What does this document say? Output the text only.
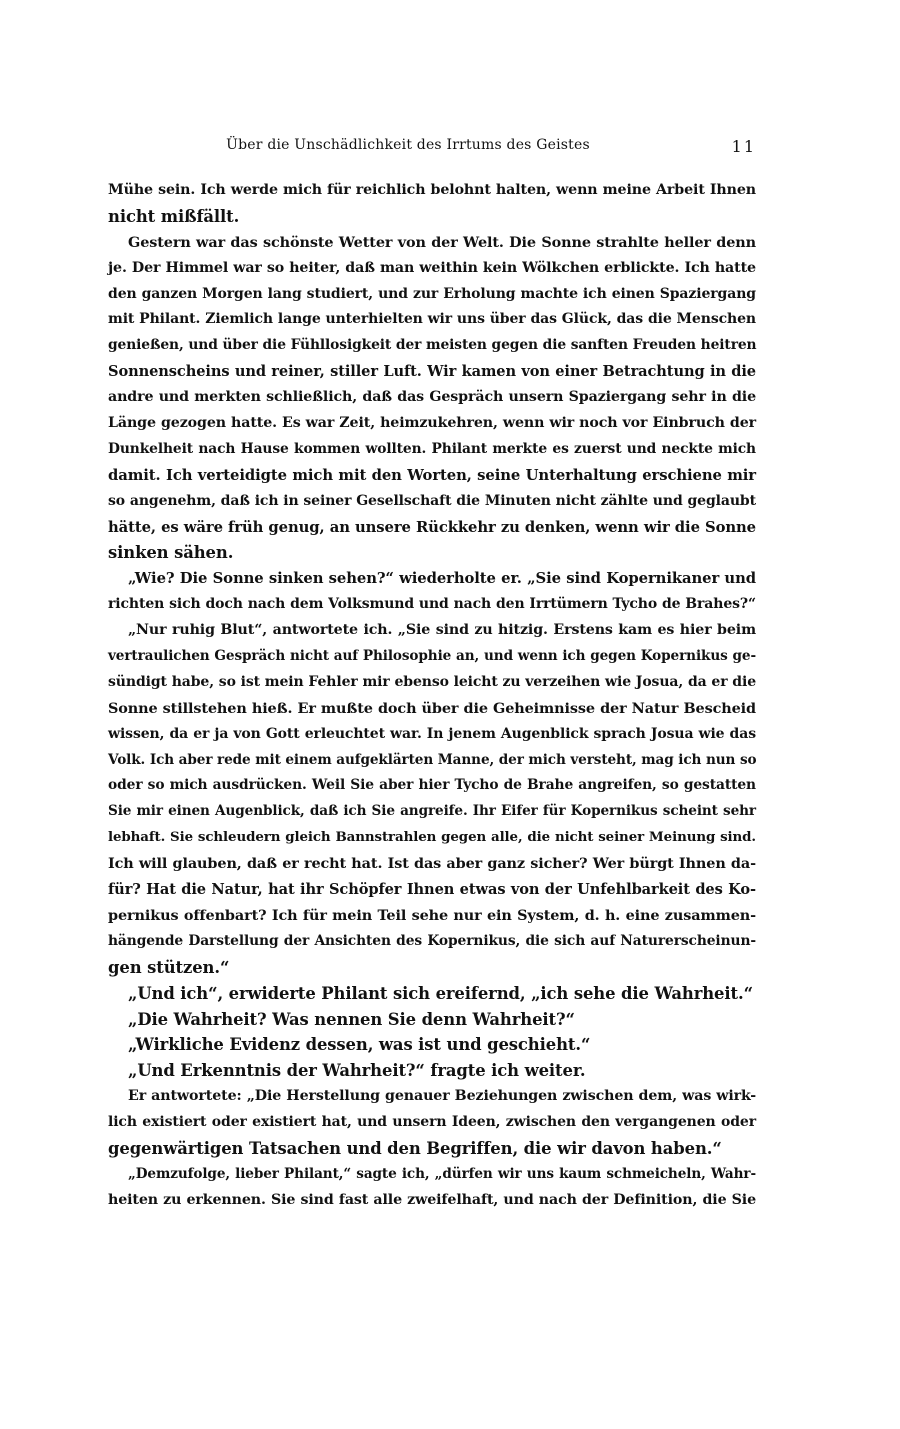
Über die Unschädlichkeit des Irrtums des Geistes	11
Mühe sein. Ich werde mich für reichlich belohnt halten, wenn meine Arbeit Ihnen
nicht mißfällt.
Gestern war das schönste Wetter von der Welt. Die Sonne strahlte heller denn
je. Der Himmel war so heiter, daß man weithin kein Wölkchen erblickte. Ich hatte
den ganzen Morgen lang studiert, und zur Erholung machte ich einen Spaziergang
mit Philant. Ziemlich lange unterhielten wir uns über das Glück, das die Menschen
genießen, und über die Fühllosigkeit der meisten gegen die sanften Freuden heitren
Sonnenscheins und reiner, stiller Luft. Wir kamen von einer Betrachtung in die
andre und merkten schließlich, daß das Gespräch unsern Spaziergang sehr in die
Länge gezogen hatte. Es war Zeit, heimzukehren, wenn wir noch vor Einbruch der
Dunkelheit nach Hause kommen wollten. Philant merkte es zuerst und neckte mich
damit. Ich verteidigte mich mit den Worten, seine Unterhaltung erschiene mir
so angenehm, daß ich in seiner Gesellschaft die Minuten nicht zählte und geglaubt
hätte, es wäre früh genug, an unsere Rückkehr zu denken, wenn wir die Sonne
sinken sähen.
„Wie? Die Sonne sinken sehen?“ wiederholte er. „Sie sind Kopernikaner und
richten sich doch nach dem Volksmund und nach den Irrtümern Tycho de Brahes?“
„Nur ruhig Blut“, antwortete ich. „Sie sind zu hitzig. Erstens kam es hier beim
vertraulichen Gespräch nicht auf Philosophie an, und wenn ich gegen Kopernikus ge-
sündigt habe, so ist mein Fehler mir ebenso leicht zu verzeihen wie Josua, da er die
Sonne stillstehen hieß. Er mußte doch über die Geheimnisse der Natur Bescheid
wissen, da er ja von Gott erleuchtet war. In jenem Augenblick sprach Josua wie das
Volk. Ich aber rede mit einem aufgeklärten Manne, der mich versteht, mag ich nun so
oder so mich ausdrücken. Weil Sie aber hier Tycho de Brahe angreifen, so gestatten
Sie mir einen Augenblick, daß ich Sie angreife. Ihr Eifer für Kopernikus scheint sehr
lebhaft. Sie schleudern gleich Bannstrahlen gegen alle, die nicht seiner Meinung sind.
Ich will glauben, daß er recht hat. Ist das aber ganz sicher? Wer bürgt Ihnen da-
für? Hat die Natur, hat ihr Schöpfer Ihnen etwas von der Unfehlbarkeit des Ko-
pernikus offenbart? Ich für mein Teil sehe nur ein System, d. h. eine zusammen-
hängende Darstellung der Ansichten des Kopernikus, die sich auf Naturerscheinun-
gen stützen.“
„Und ich“, erwiderte Philant sich ereifernd, „ich sehe die Wahrheit.“
„Die Wahrheit? Was nennen Sie denn Wahrheit?“
„Wirkliche Evidenz dessen, was ist und geschieht.“
„Und Erkenntnis der Wahrheit?“ fragte ich weiter.
Er antwortete: „Die Herstellung genauer Beziehungen zwischen dem, was wirk-
lich existiert oder existiert hat, und unsern Ideen, zwischen den vergangenen oder
gegenwärtigen Tatsachen und den Begriffen, die wir davon haben.“
„Demzufolge, lieber Philant,“ sagte ich, „dürfen wir uns kaum schmeicheln, Wahr-
heiten zu erkennen. Sie sind fast alle zweifelhaft, und nach der Definition, die Sie
